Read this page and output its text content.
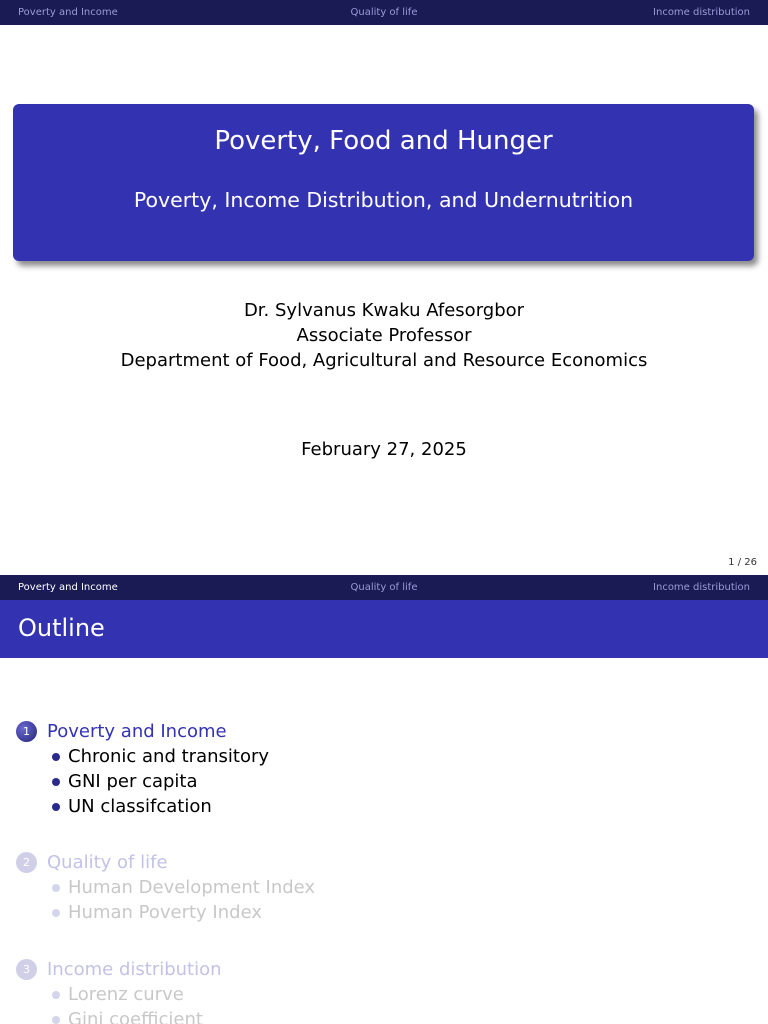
Poverty and Income	Quality of life	Income distribution
Poverty, Food and Hunger
Poverty, Income Distribution, and Undernutrition
Dr. Sylvanus Kwaku Afesorgbor
Associate Professor
Department of Food, Agricultural and Resource Economics
February 27, 2025
1 / 26
Poverty and Income	Quality of life	Income distribution
Outline
1 Poverty and Income
Chronic and transitory
GNI per capita
UN classifcation
2 Quality of life
Human Development Index
Human Poverty Index
3 Income distribution
Lorenz curve
Gini coefficient
